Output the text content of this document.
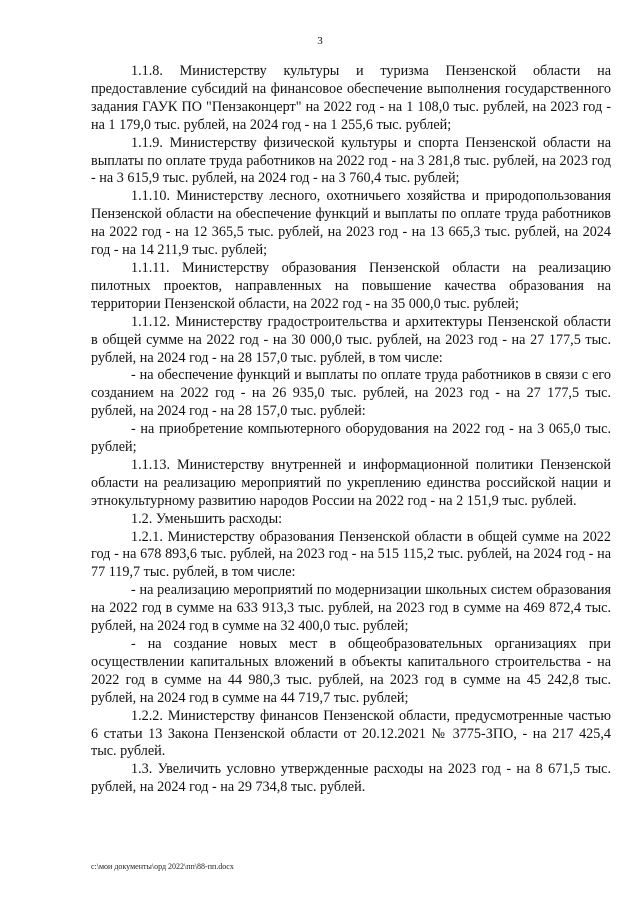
3

1.1.8. Министерству культуры и туризма Пензенской области на предоставление субсидий на финансовое обеспечение выполнения государственного задания ГАУК ПО "Пензаконцерт" на 2022 год - на 1 108,0 тыс. рублей, на 2023 год - на 1 179,0 тыс. рублей, на 2024 год - на 1 255,6 тыс. рублей;

1.1.9. Министерству физической культуры и спорта Пензенской области на выплаты по оплате труда работников на 2022 год - на 3 281,8 тыс. рублей, на 2023 год - на 3 615,9 тыс. рублей, на 2024 год - на 3 760,4 тыс. рублей;

1.1.10. Министерству лесного, охотничьего хозяйства и природопользования Пензенской области на обеспечение функций и выплаты по оплате труда работников на 2022 год - на 12 365,5 тыс. рублей, на 2023 год - на 13 665,3 тыс. рублей, на 2024 год - на 14 211,9 тыс. рублей;

1.1.11. Министерству образования Пензенской области на реализацию пилотных проектов, направленных на повышение качества образования на территории Пензенской области, на 2022 год - на 35 000,0 тыс. рублей;

1.1.12. Министерству градостроительства и архитектуры Пензенской области в общей сумме на 2022 год - на 30 000,0 тыс. рублей, на 2023 год - на 27 177,5 тыс. рублей, на 2024 год - на 28 157,0 тыс. рублей, в том числе:

- на обеспечение функций и выплаты по оплате труда работников в связи с его созданием на 2022 год - на 26 935,0 тыс. рублей, на 2023 год - на 27 177,5 тыс. рублей, на 2024 год - на 28 157,0 тыс. рублей:

- на приобретение компьютерного оборудования на 2022 год - на 3 065,0 тыс. рублей;

1.1.13. Министерству внутренней и информационной политики Пензенской области на реализацию мероприятий по укреплению единства российской нации и этнокультурному развитию народов России на 2022 год - на 2 151,9 тыс. рублей.

1.2. Уменьшить расходы:

1.2.1. Министерству образования Пензенской области в общей сумме на 2022 год - на 678 893,6 тыс. рублей, на 2023 год - на 515 115,2 тыс. рублей, на 2024 год - на 77 119,7 тыс. рублей, в том числе:

- на реализацию мероприятий по модернизации школьных систем образования на 2022 год в сумме на 633 913,3 тыс. рублей, на 2023 год в сумме на 469 872,4 тыс. рублей, на 2024 год в сумме на 32 400,0 тыс. рублей;

- на создание новых мест в общеобразовательных организациях при осуществлении капитальных вложений в объекты капитального строительства - на 2022 год в сумме на 44 980,3 тыс. рублей, на 2023 год в сумме на 45 242,8 тыс. рублей, на 2024 год в сумме на 44 719,7 тыс. рублей;

1.2.2. Министерству финансов Пензенской области, предусмотренные частью 6 статьи 13 Закона Пензенской области от 20.12.2021 № 3775-ЗПО, - на 217 425,4 тыс. рублей.

1.3. Увеличить условно утвержденные расходы на 2023 год - на 8 671,5 тыс. рублей, на 2024 год - на 29 734,8 тыс. рублей.

c:\мои документы\орд 2022\пп\88-пп.docx
